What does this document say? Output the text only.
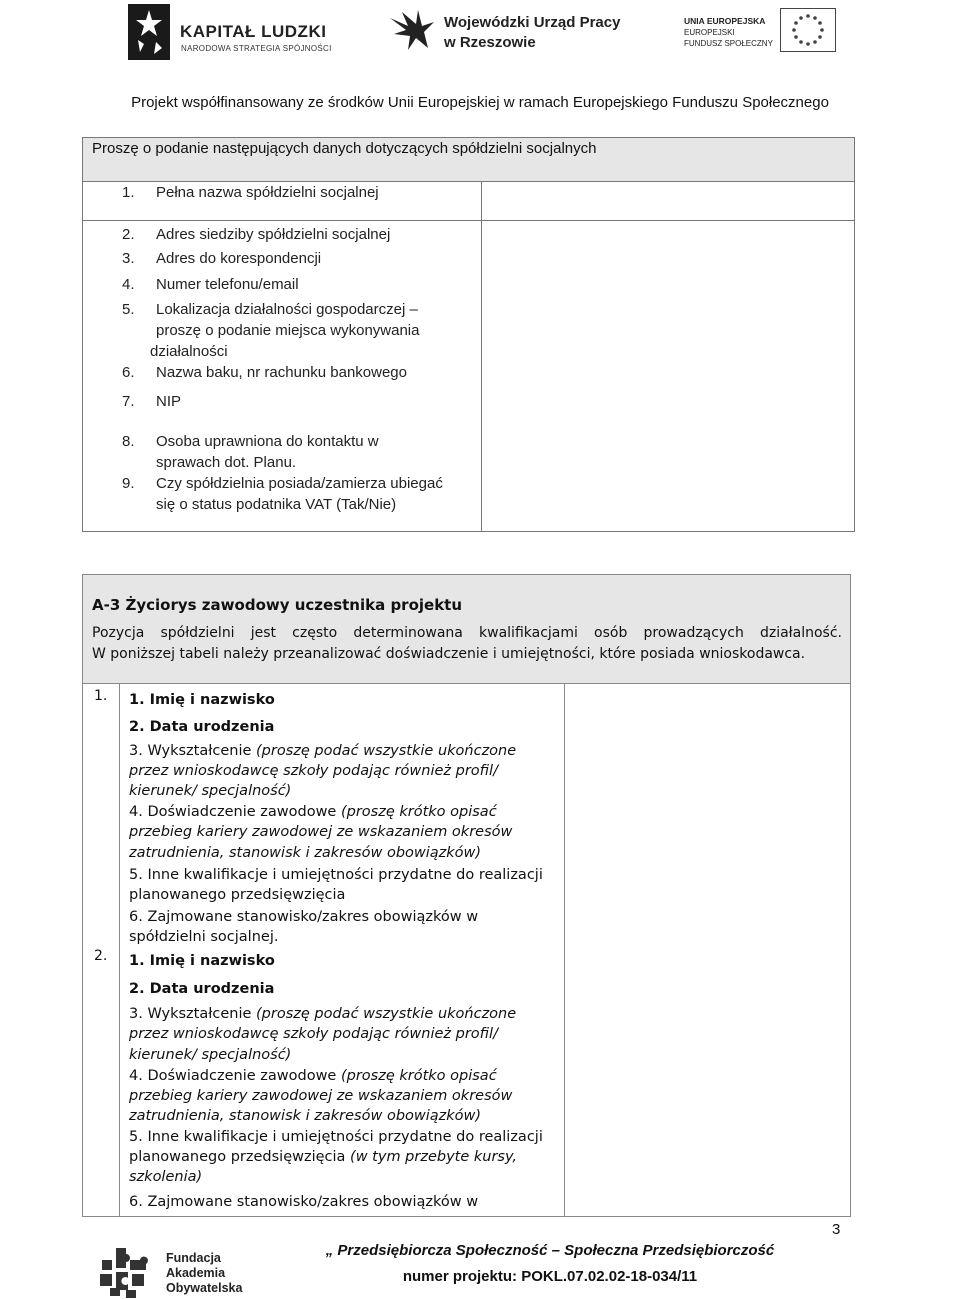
KAPITAŁ LUDZKI
NARODOWA STRATEGIA SPÓJNOŚCI
Wojewódzki Urząd Pracy
w Rzeszowie
UNIA EUROPEJSKA
EUROPEJSKI
FUNDUSZ SPOŁECZNY
Projekt współfinansowany ze środków Unii Europejskiej w ramach Europejskiego Funduszu Społecznego
Proszę o podanie następujących danych dotyczących spółdzielni socjalnych
1.	Pełna nazwa spółdzielni socjalnej
2.	Adres siedziby spółdzielni socjalnej
3.	Adres do korespondencji
4.	Numer telefonu/email
5.	Lokalizacja działalności gospodarczej –
proszę o podanie miejsca wykonywania
działalności
6.	Nazwa baku, nr rachunku bankowego
7.	NIP
8.	Osoba uprawniona do kontaktu w
sprawach dot. Planu.
9.	Czy spółdzielnia posiada/zamierza ubiegać
się o status podatnika VAT (Tak/Nie)
A-3 Życiorys zawodowy uczestnika projektu
Pozycja spółdzielni jest często determinowana kwalifikacjami osób prowadzących działalność.
W poniższej tabeli należy przeanalizować doświadczenie i umiejętności, które posiada wnioskodawca.
1. 1. Imię i nazwisko
2. Data urodzenia
3. Wykształcenie (proszę podać wszystkie ukończone
przez wnioskodawcę szkoły podając również profil/
kierunek/ specjalność)
4. Doświadczenie zawodowe (proszę krótko opisać
przebieg kariery zawodowej ze wskazaniem okresów
zatrudnienia, stanowisk i zakresów obowiązków)
5. Inne kwalifikacje i umiejętności przydatne do realizacji
planowanego przedsięwzięcia
6. Zajmowane stanowisko/zakres obowiązków w
spółdzielni socjalnej.
2. 1. Imię i nazwisko
2. Data urodzenia
3. Wykształcenie (proszę podać wszystkie ukończone
przez wnioskodawcę szkoły podając również profil/
kierunek/ specjalność)
4. Doświadczenie zawodowe (proszę krótko opisać
przebieg kariery zawodowej ze wskazaniem okresów
zatrudnienia, stanowisk i zakresów obowiązków)
5. Inne kwalifikacje i umiejętności przydatne do realizacji
planowanego przedsięwzięcia (w tym przebyte kursy,
szkolenia)
6. Zajmowane stanowisko/zakres obowiązków w
3
Fundacja
Akademia
Obywatelska
„ Przedsiębiorcza Społeczność – Społeczna Przedsiębiorczość
numer projektu: POKL.07.02.02-18-034/11
